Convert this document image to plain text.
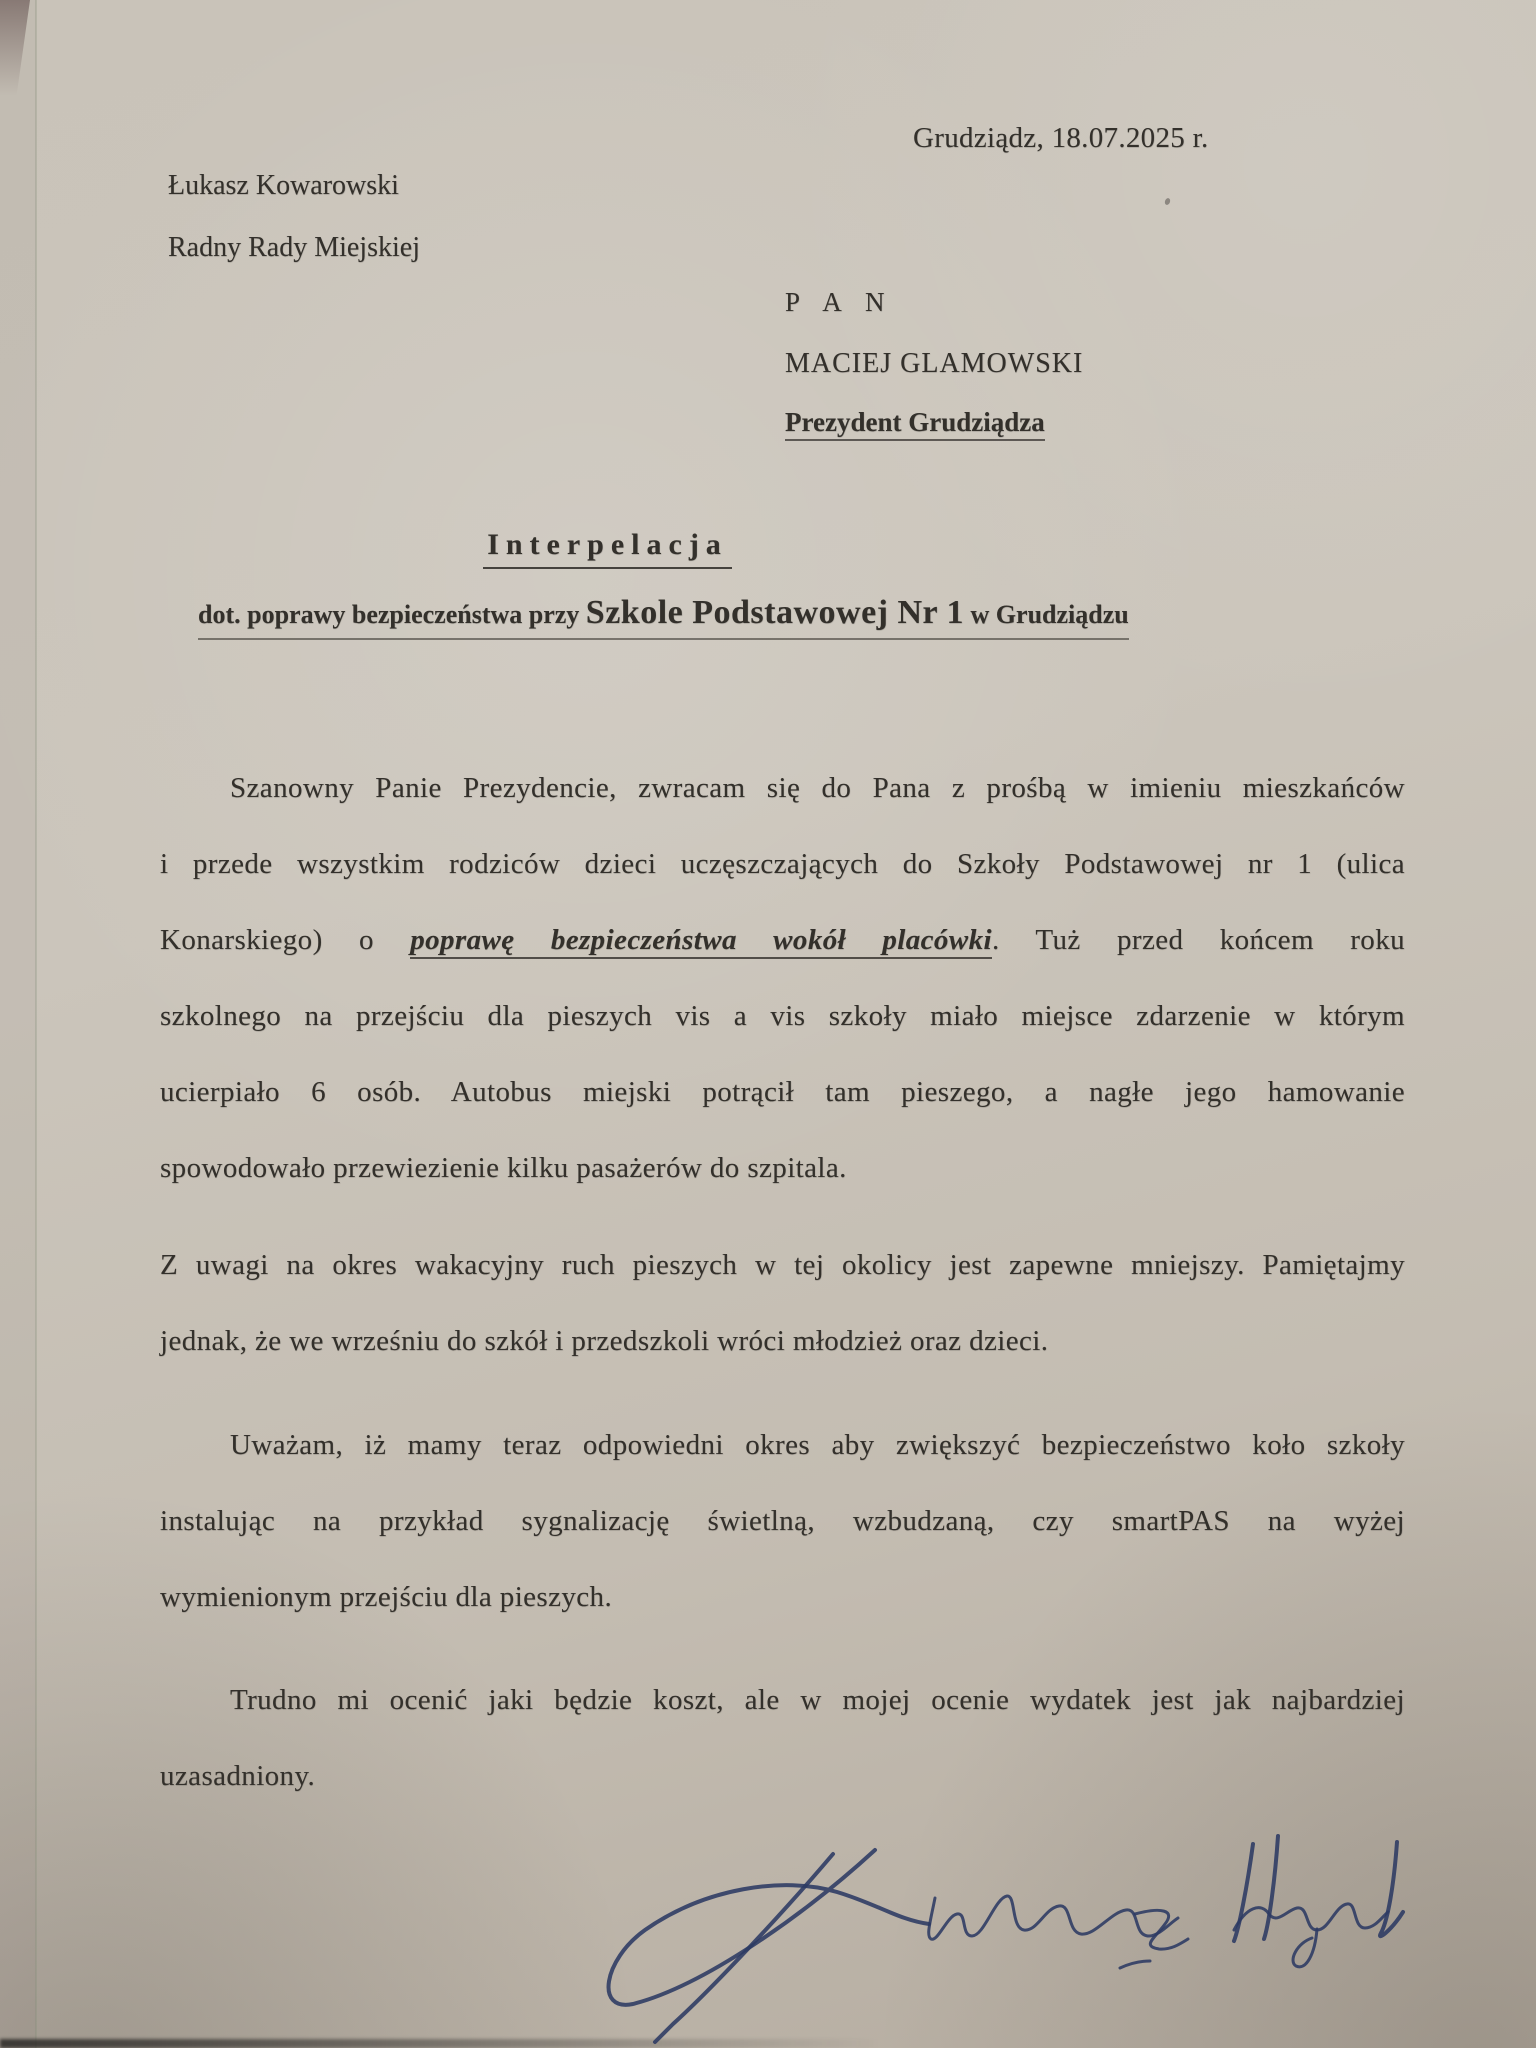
Grudziądz, 18.07.2025 r.
Łukasz Kowarowski
Radny Rady Miejskiej
P A N
MACIEJ GLAMOWSKI
Prezydent Grudziądza
Interpelacja
dot. poprawy bezpieczeństwa przy Szkole Podstawowej Nr 1 w Grudziądzu
Szanowny Panie Prezydencie, zwracam się do Pana z prośbą w imieniu mieszkańców
i przede wszystkim rodziców dzieci uczęszczających do Szkoły Podstawowej nr 1 (ulica
Konarskiego) o poprawę bezpieczeństwa wokół placówki. Tuż przed końcem roku
szkolnego na przejściu dla pieszych vis a vis szkoły miało miejsce zdarzenie w którym
ucierpiało 6 osób. Autobus miejski potrącił tam pieszego, a nagłe jego hamowanie
spowodowało przewiezienie kilku pasażerów do szpitala.
Z uwagi na okres wakacyjny ruch pieszych w tej okolicy jest zapewne mniejszy. Pamiętajmy
jednak, że we wrześniu do szkół i przedszkoli wróci młodzież oraz dzieci.
Uważam, iż mamy teraz odpowiedni okres aby zwiększyć bezpieczeństwo koło szkoły
instalując na przykład sygnalizację świetlną, wzbudzaną, czy smartPAS na wyżej
wymienionym przejściu dla pieszych.
Trudno mi ocenić jaki będzie koszt, ale w mojej ocenie wydatek jest jak najbardziej
uzasadniony.
